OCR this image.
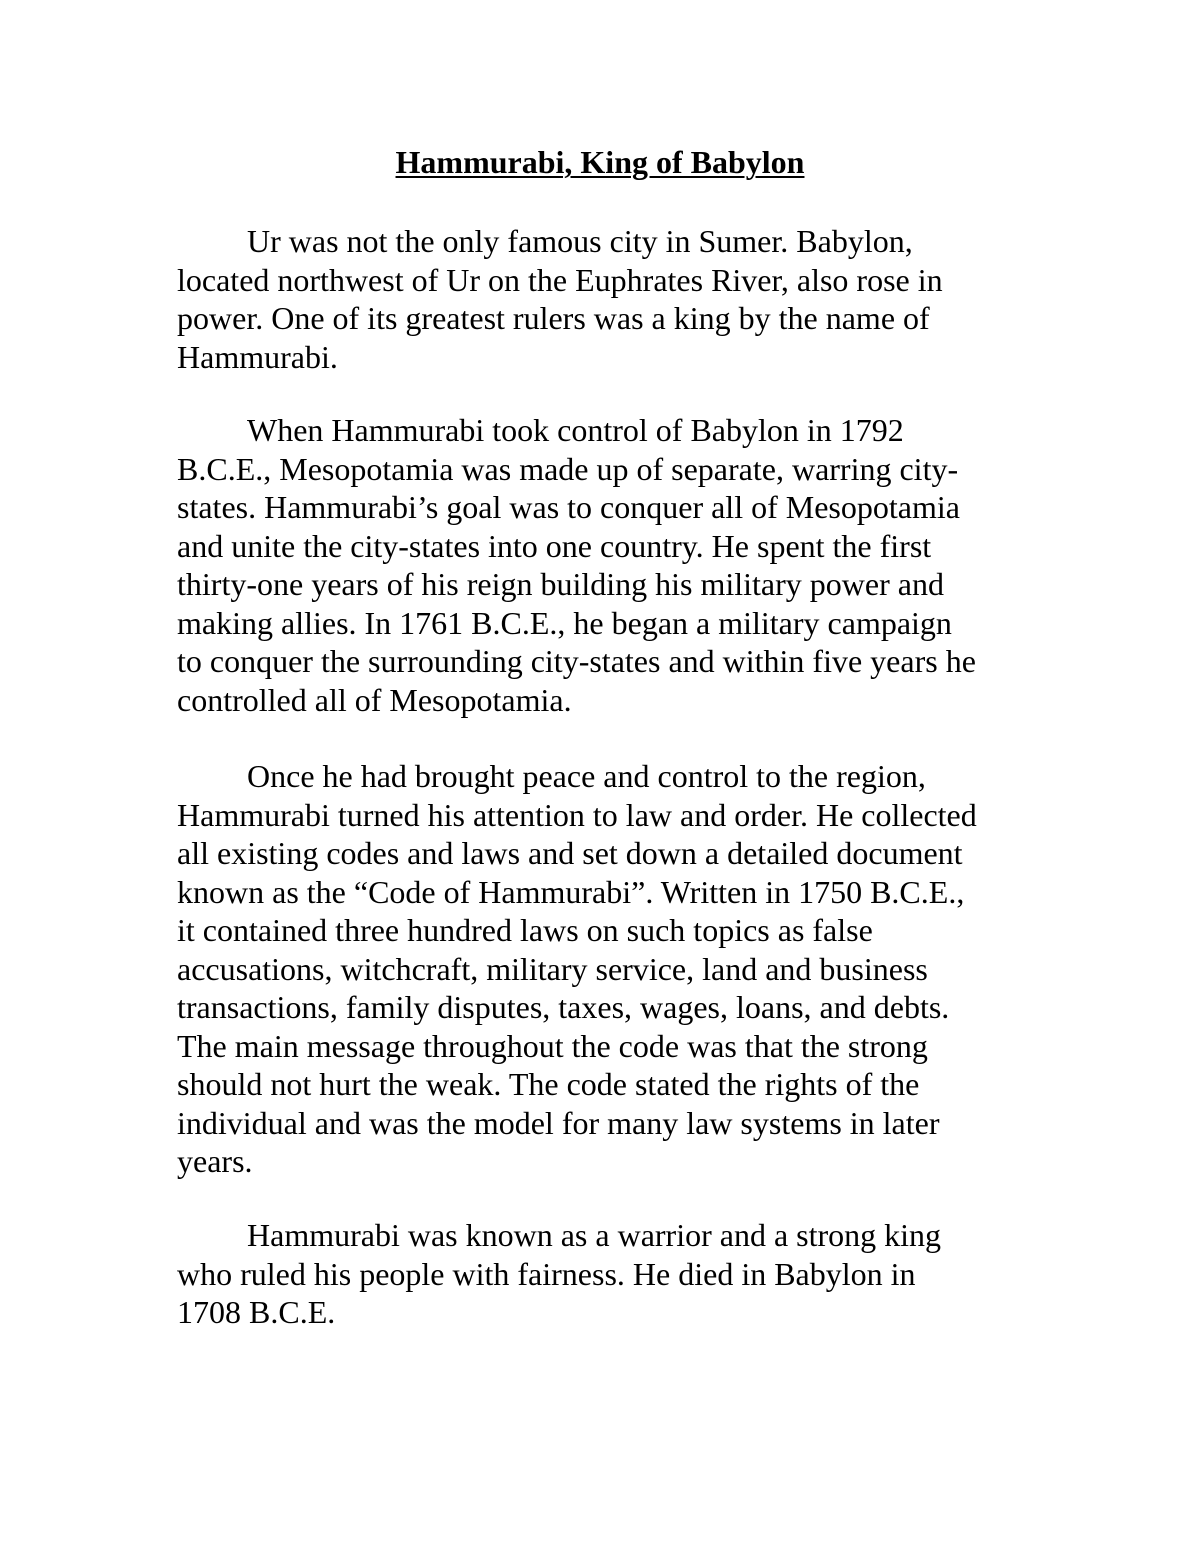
Hammurabi, King of Babylon
Ur was not the only famous city in Sumer. Babylon,
located northwest of Ur on the Euphrates River, also rose in
power. One of its greatest rulers was a king by the name of
Hammurabi.
When Hammurabi took control of Babylon in 1792
B.C.E., Mesopotamia was made up of separate, warring city-
states. Hammurabi’s goal was to conquer all of Mesopotamia
and unite the city-states into one country. He spent the first
thirty-one years of his reign building his military power and
making allies. In 1761 B.C.E., he began a military campaign
to conquer the surrounding city-states and within five years he
controlled all of Mesopotamia.
Once he had brought peace and control to the region,
Hammurabi turned his attention to law and order. He collected
all existing codes and laws and set down a detailed document
known as the “Code of Hammurabi”. Written in 1750 B.C.E.,
it contained three hundred laws on such topics as false
accusations, witchcraft, military service, land and business
transactions, family disputes, taxes, wages, loans, and debts.
The main message throughout the code was that the strong
should not hurt the weak. The code stated the rights of the
individual and was the model for many law systems in later
years.
Hammurabi was known as a warrior and a strong king
who ruled his people with fairness. He died in Babylon in
1708 B.C.E.
